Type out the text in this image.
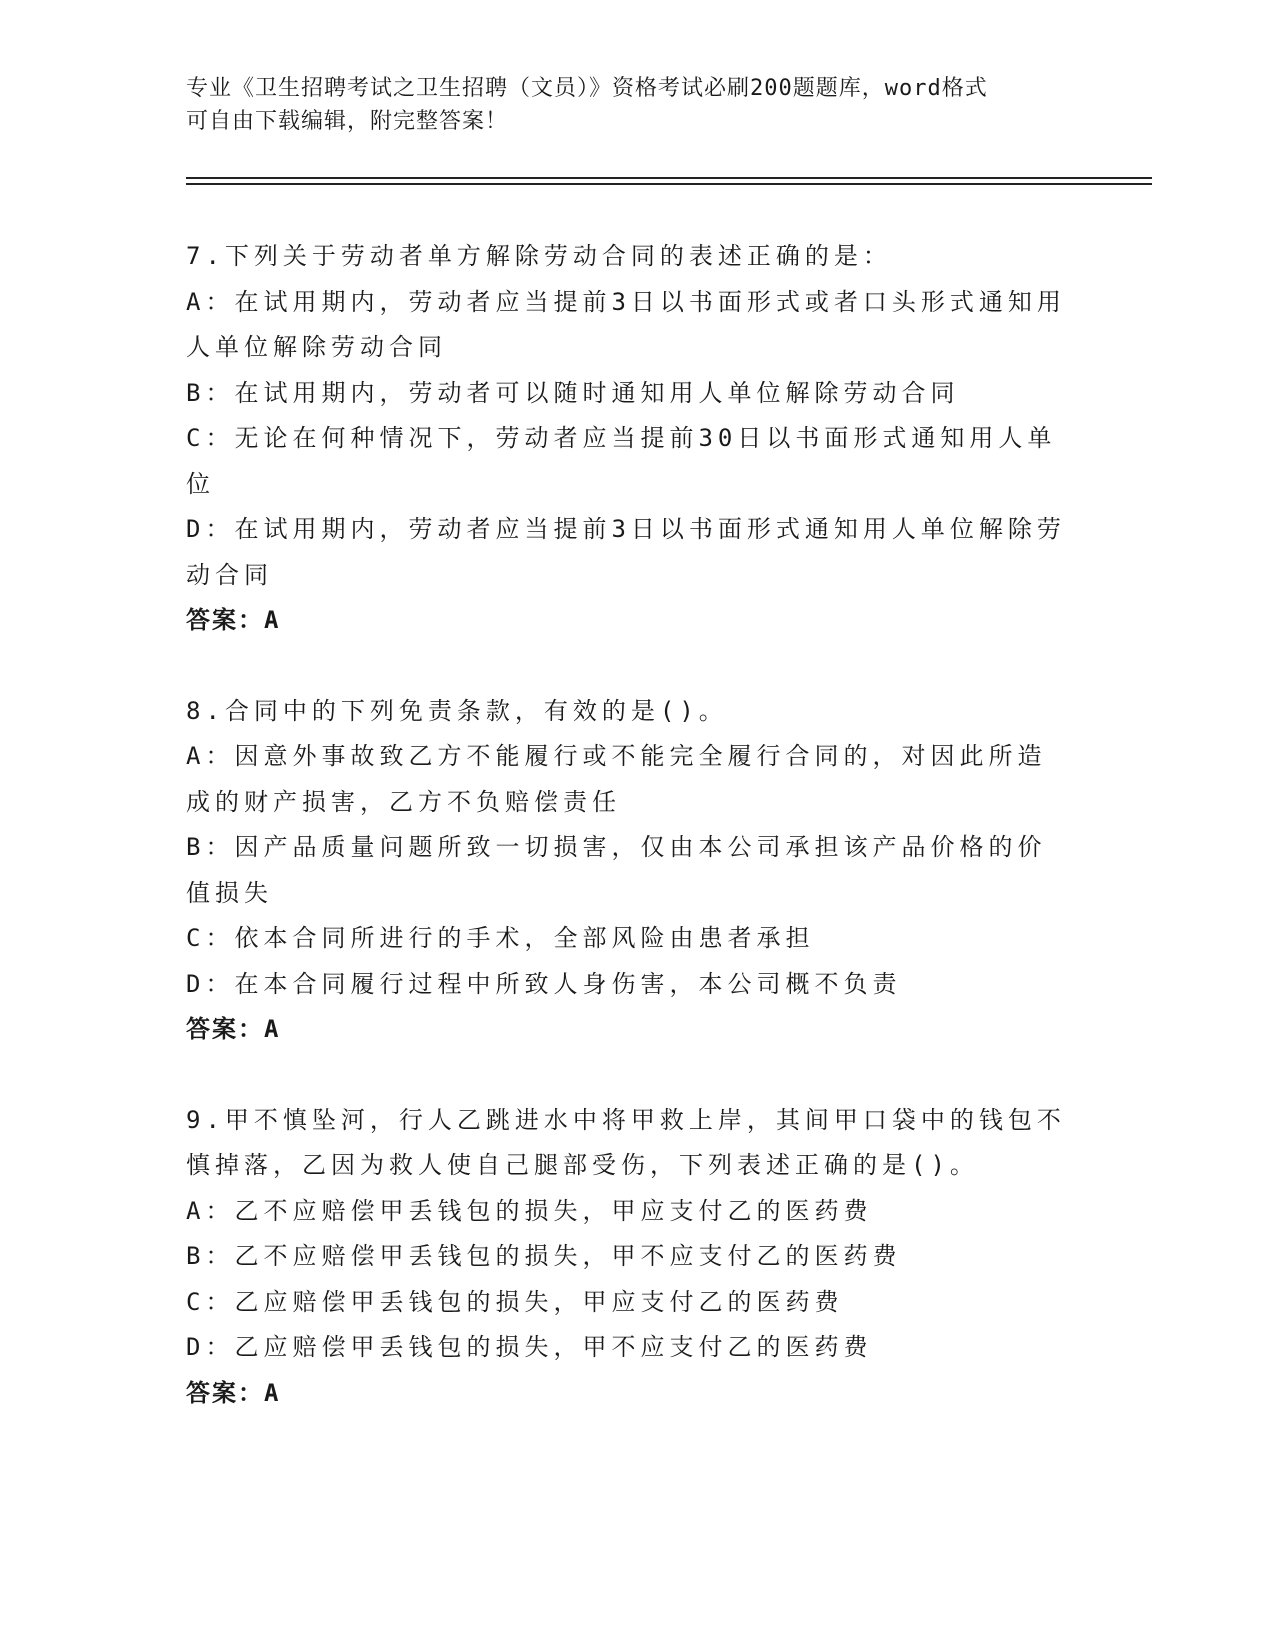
专业《卫生招聘考试之卫生招聘（文员）》资格考试必刷200题题库，word格式
可自由下载编辑，附完整答案！

7.下列关于劳动者单方解除劳动合同的表述正确的是：

A：在试用期内，劳动者应当提前3日以书面形式或者口头形式通知用人单位解除劳动合同

B：在试用期内，劳动者可以随时通知用人单位解除劳动合同

C：无论在何种情况下，劳动者应当提前30日以书面形式通知用人单位

D：在试用期内，劳动者应当提前3日以书面形式通知用人单位解除劳动合同

答案：A

8.合同中的下列免责条款，有效的是()。

A：因意外事故致乙方不能履行或不能完全履行合同的，对因此所造成的财产损害，乙方不负赔偿责任

B：因产品质量问题所致一切损害，仅由本公司承担该产品价格的价值损失

C：依本合同所进行的手术，全部风险由患者承担

D：在本合同履行过程中所致人身伤害，本公司概不负责

答案：A

9.甲不慎坠河，行人乙跳进水中将甲救上岸，其间甲口袋中的钱包不慎掉落，乙因为救人使自己腿部受伤，下列表述正确的是()。

A：乙不应赔偿甲丢钱包的损失，甲应支付乙的医药费

B：乙不应赔偿甲丢钱包的损失，甲不应支付乙的医药费

C：乙应赔偿甲丢钱包的损失，甲应支付乙的医药费

D：乙应赔偿甲丢钱包的损失，甲不应支付乙的医药费

答案：A
